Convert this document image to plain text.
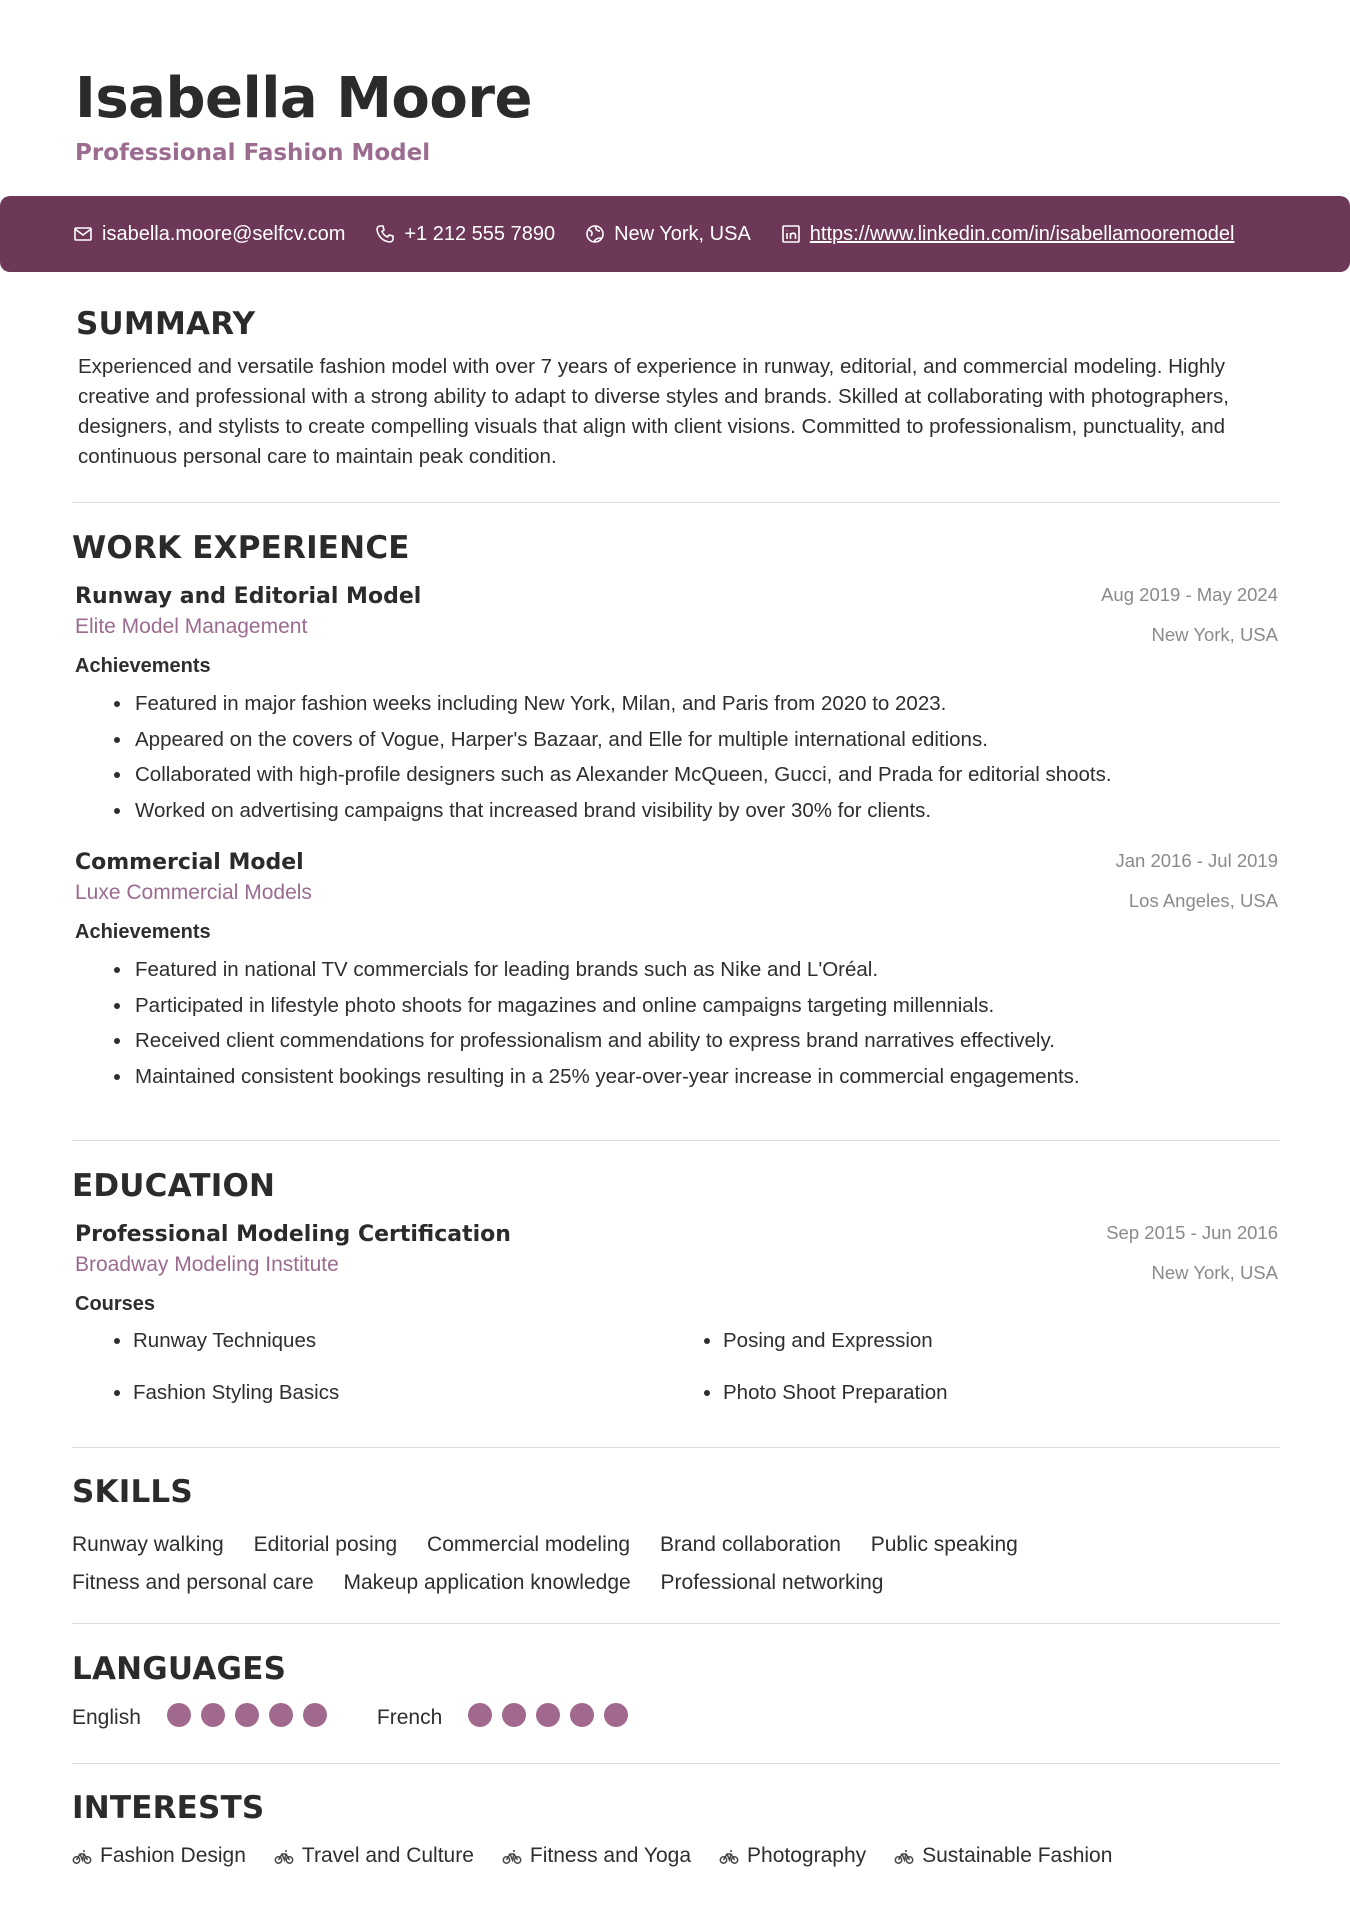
Isabella Moore
Professional Fashion Model
isabella.moore@selfcv.com	+1 212 555 7890	New York, USA	https://www.linkedin.com/in/isabellamooremodel
SUMMARY

Experienced and versatile fashion model with over 7 years of experience in runway, editorial, and commercial modeling. Highly creative and professional with a strong ability to adapt to diverse styles and brands. Skilled at collaborating with photographers, designers, and stylists to create compelling visuals that align with client visions. Committed to professionalism, punctuality, and continuous personal care to maintain peak condition.

WORK EXPERIENCE
Runway and Editorial Model
Elite Model Management
Aug 2019 - May 2024
New York, USA
Achievements
• Featured in major fashion weeks including New York, Milan, and Paris from 2020 to 2023.
• Appeared on the covers of Vogue, Harper's Bazaar, and Elle for multiple international editions.
• Collaborated with high-profile designers such as Alexander McQueen, Gucci, and Prada for editorial shoots.
• Worked on advertising campaigns that increased brand visibility by over 30% for clients.
Commercial Model
Luxe Commercial Models
Jan 2016 - Jul 2019
Los Angeles, USA
Achievements
• Featured in national TV commercials for leading brands such as Nike and L'Oréal.
• Participated in lifestyle photo shoots for magazines and online campaigns targeting millennials.
• Received client commendations for professionalism and ability to express brand narratives effectively.
• Maintained consistent bookings resulting in a 25% year-over-year increase in commercial engagements.
EDUCATION
Professional Modeling Certification
Broadway Modeling Institute
Sep 2015 - Jun 2016
New York, USA
Courses
Runway Techniques	Posing and Expression
Fashion Styling Basics	Photo Shoot Preparation
SKILLS
Runway walking Editorial posing Commercial modeling Brand collaboration Public speaking Fitness and personal care Makeup application knowledge Professional networking
LANGUAGES
English	French
INTERESTS
Fashion Design	Travel and Culture	Fitness and Yoga	Photography	Sustainable Fashion
